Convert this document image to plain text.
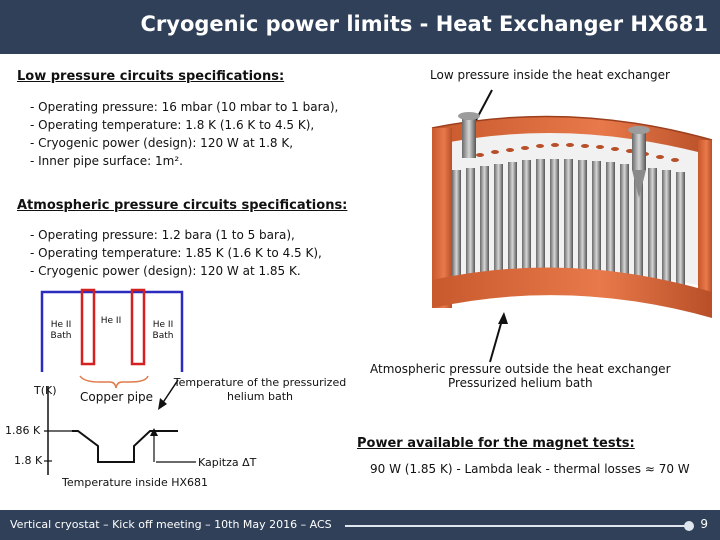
Cryogenic power limits - Heat Exchanger HX681
Low pressure circuits specifications:
- Operating pressure: 16 mbar (10 mbar to 1 bara),
- Operating temperature: 1.8 K (1.6 K to 4.5 K),
- Cryogenic power (design): 120 W at 1.8 K,
- Inner pipe surface: 1m².
Atmospheric pressure circuits specifications:
- Operating pressure: 1.2 bara (1 to 5 bara),
- Operating temperature: 1.85 K (1.6 K to 4.5 K),
- Cryogenic power (design): 120 W at 1.85 K.
Low pressure inside the heat exchanger
Atmospheric pressure outside the heat exchanger
Pressurized helium bath
He II
Bath
He II	He II
Bath
T(K) Copper pipe
Temperature of the pressurized
helium bath
1.86 K
1.8 K	Kapitza ΔT
Temperature inside HX681
Power available for the magnet tests:
90 W (1.85 K) - Lambda leak - thermal losses ≈ 70 W
Vertical cryostat – Kick off meeting – 10th May 2016 – ACS	9
